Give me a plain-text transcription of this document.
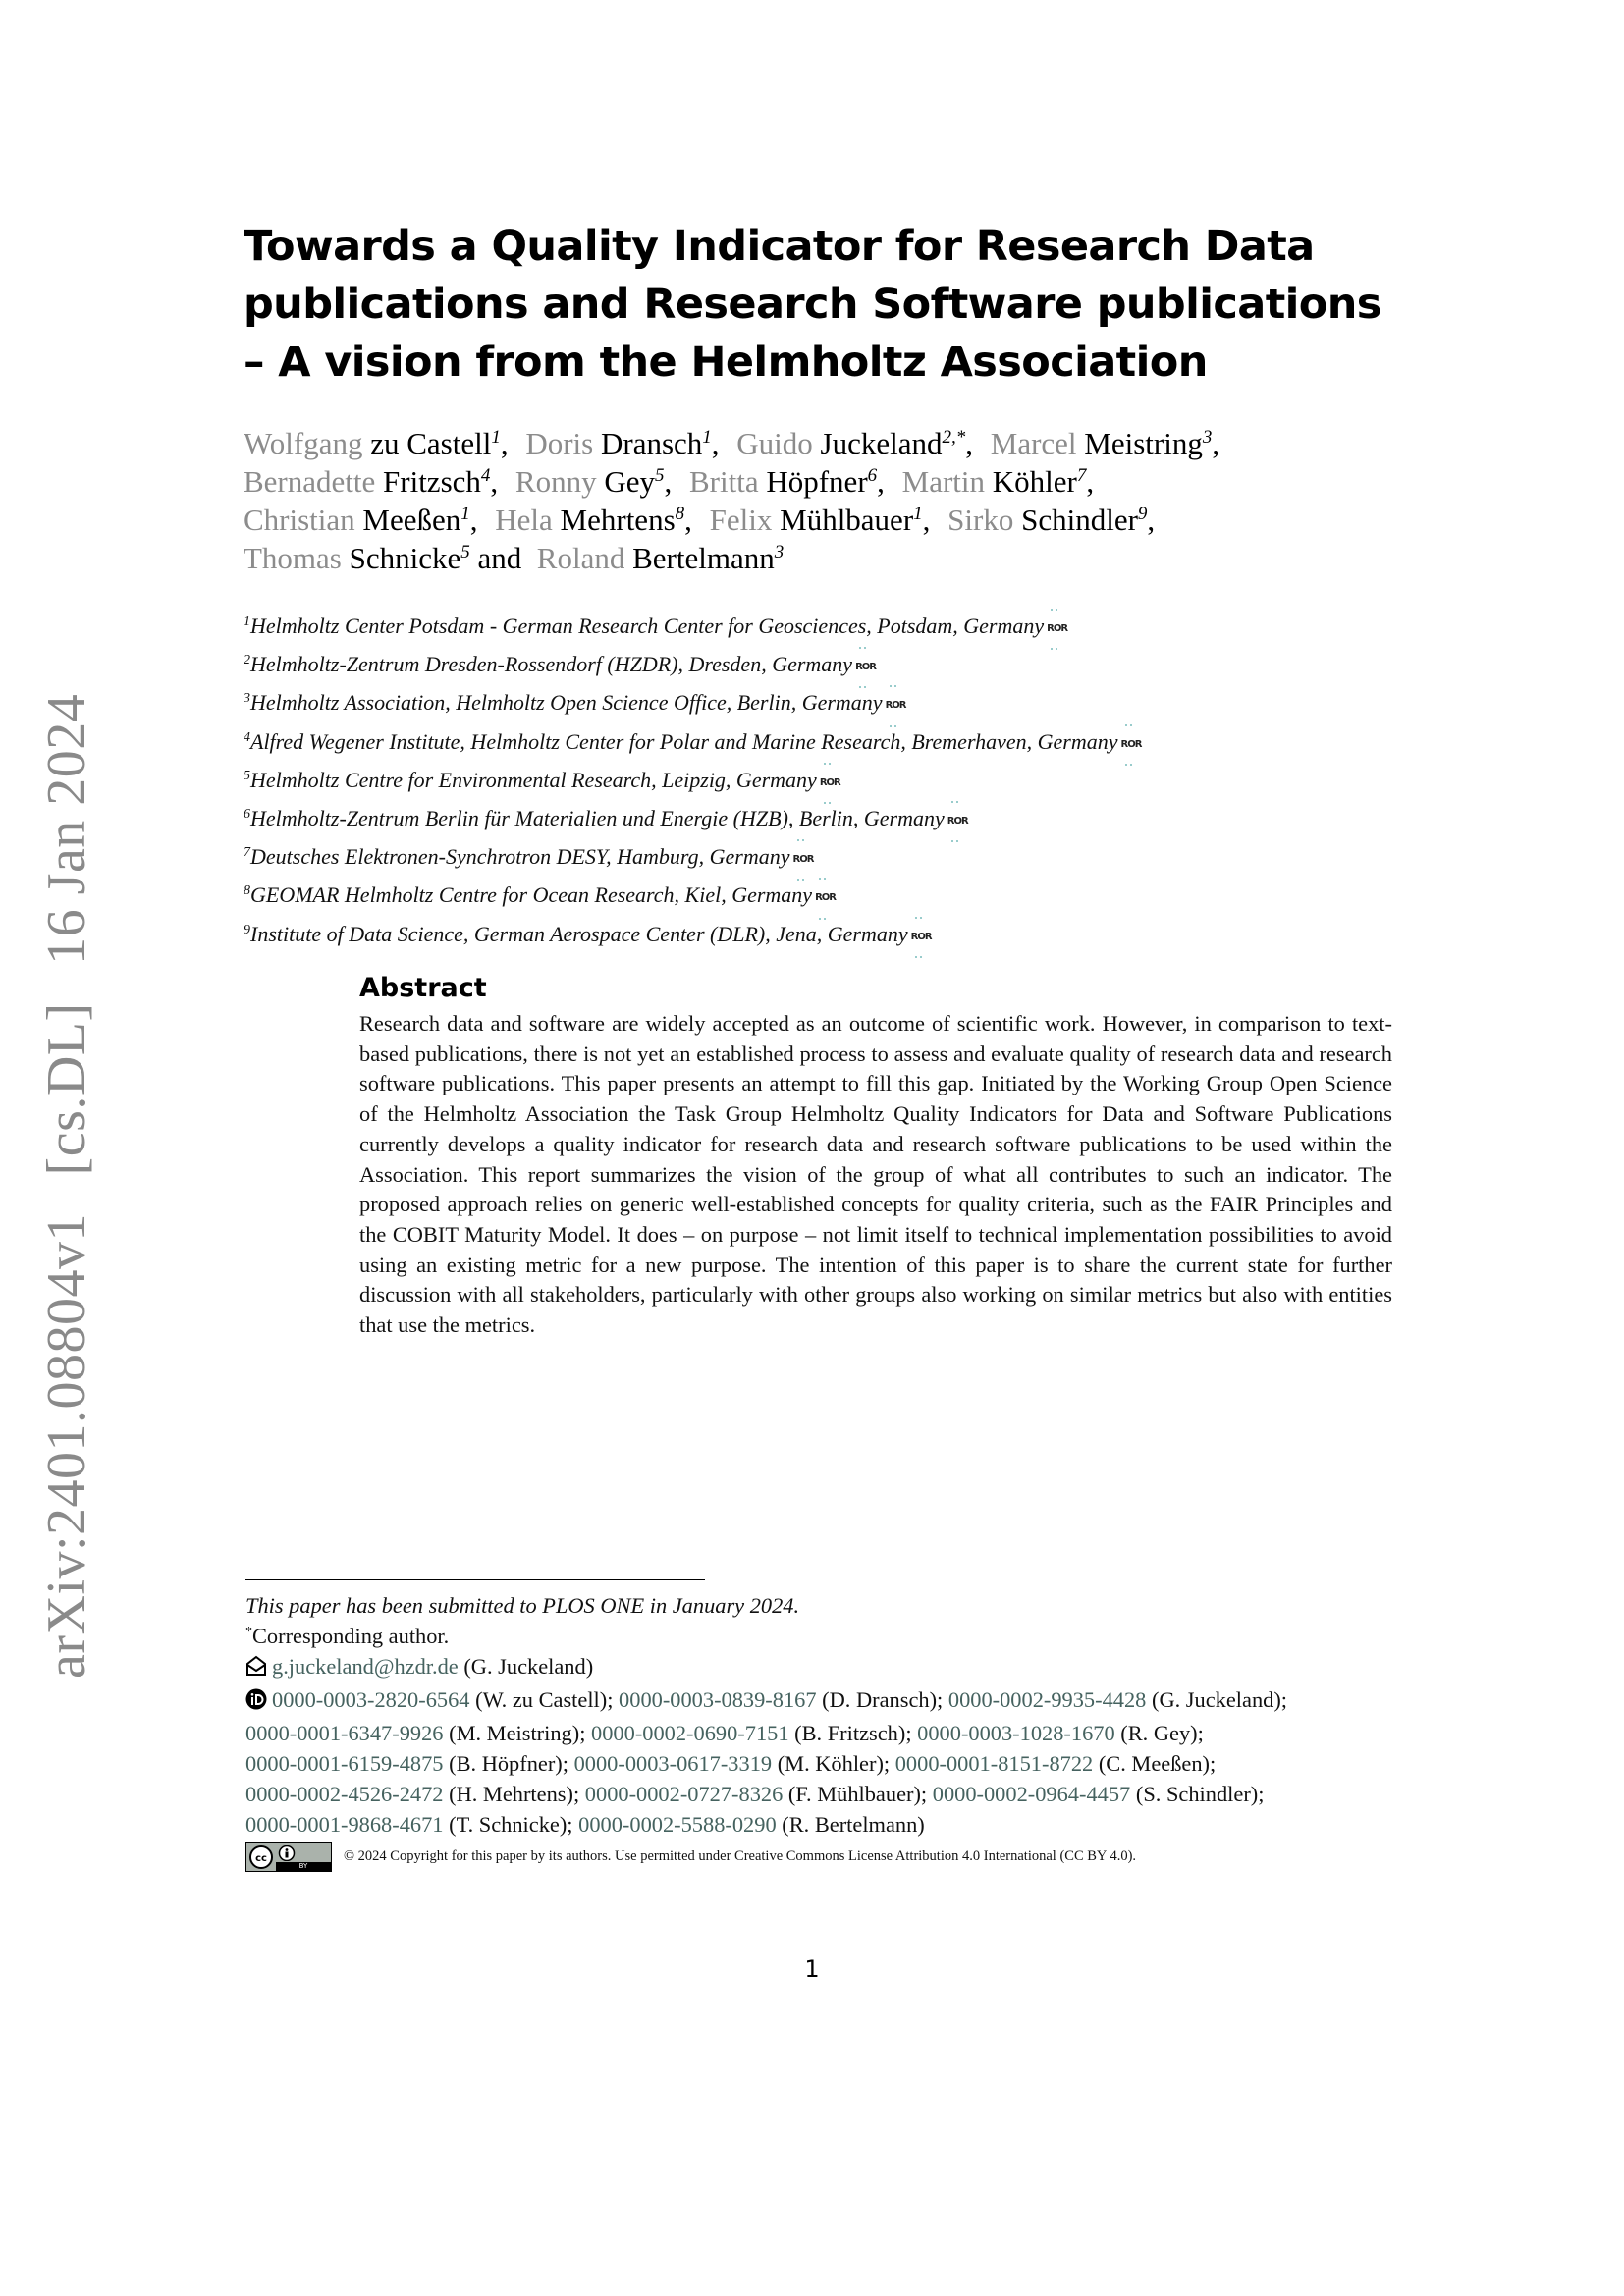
arXiv:2401.08804v1 [cs.DL] 16 Jan 2024
Towards a Quality Indicator for Research Data
publications and Research Software publications
– A vision from the Helmholtz Association
Wolfgang zu Castell$^1$, Doris Dransch$^1$, Guido Juckeland$^{2,*}$, Marcel Meistring$^3$,
Bernadette Fritzsch$^4$, Ronny Gey$^5$, Britta Höpfner$^6$, Martin Köhler$^7$,
Christian Meeßen$^1$, Hela Mehrtens$^8$, Felix Mühlbauer$^1$, Sirko Schindler$^9$,
Thomas Schnicke$^5$ and Roland Bertelmann$^3$
$^1$Helmholtz Center Potsdam - German Research Center for Geosciences, Potsdam, Germany ROR
$^2$Helmholtz-Zentrum Dresden-Rossendorf (HZDR), Dresden, Germany ROR
$^3$Helmholtz Association, Helmholtz Open Science Office, Berlin, Germany ROR
$^4$Alfred Wegener Institute, Helmholtz Center for Polar and Marine Research, Bremerhaven, Germany ROR
$^5$Helmholtz Centre for Environmental Research, Leipzig, Germany ROR
$^6$Helmholtz-Zentrum Berlin für Materialien und Energie (HZB), Berlin, Germany ROR
$^7$Deutsches Elektronen-Synchrotron DESY, Hamburg, Germany ROR
$^8$GEOMAR Helmholtz Centre for Ocean Research, Kiel, Germany ROR
$^9$Institute of Data Science, German Aerospace Center (DLR), Jena, Germany ROR
Abstract
Research data and software are widely accepted as an outcome of scientific work. However, in comparison to text-based publications, there is not yet an established process to assess and evaluate quality of research data and research software publications. This paper presents an attempt to fill this gap. Initiated by the Working Group Open Science of the Helmholtz Association the Task Group Helmholtz Quality Indicators for Data and Software Publications currently develops a quality indicator for research data and research software publications to be used within the Association. This report summarizes the vision of the group of what all contributes to such an indicator. The proposed approach relies on generic well-established concepts for quality criteria, such as the FAIR Principles and the COBIT Maturity Model. It does – on purpose – not limit itself to technical implementation possibilities to avoid using an existing metric for a new purpose. The intention of this paper is to share the current state for further discussion with all stakeholders, particularly with other groups also working on similar metrics but also with entities that use the metrics.
This paper has been submitted to PLOS ONE in January 2024.
*Corresponding author.
g.juckeland@hzdr.de (G. Juckeland)
0000-0003-2820-6564 (W. zu Castell); 0000-0003-0839-8167 (D. Dransch); 0000-0002-9935-4428 (G. Juckeland);
0000-0001-6347-9926 (M. Meistring); 0000-0002-0690-7151 (B. Fritzsch); 0000-0003-1028-1670 (R. Gey);
0000-0001-6159-4875 (B. Höpfner); 0000-0003-0617-3319 (M. Köhler); 0000-0001-8151-8722 (C. Meeßen);
0000-0002-4526-2472 (H. Mehrtens); 0000-0002-0727-8326 (F. Mühlbauer); 0000-0002-0964-4457 (S. Schindler);
0000-0001-9868-4671 (T. Schnicke); 0000-0002-5588-0290 (R. Bertelmann)
cc
BY
© 2024 Copyright for this paper by its authors. Use permitted under Creative Commons License Attribution 4.0 International (CC BY 4.0).
1
